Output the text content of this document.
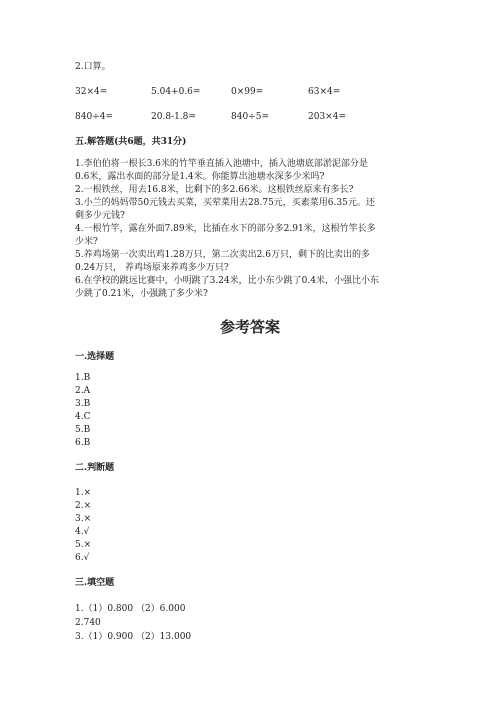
2.口算。
32×4=	5.04+0.6=	0×99=	63×4=
840÷4=	20.8-1.8=	840÷5=	203×4=
五.解答题(共6题，共31分)
1.李伯伯将一根长3.6米的竹竿垂直插入池塘中，插入池塘底部淤泥部分是
0.6米，露出水面的部分是1.4米。你能算出池塘水深多少米吗?
2.一根铁丝，用去16.8米，比剩下的多2.66米。这根铁丝原来有多长?
3.小兰的妈妈带50元钱去买菜，买荤菜用去28.75元，买素菜用6.35元。还
剩多少元钱?
4.一根竹竿，露在外面7.89米，比插在水下的部分多2.91米，这根竹竿长多
少米?
5.养鸡场第一次卖出鸡1.28万只，第二次卖出2.6万只，剩下的比卖出的多
0.24万只， 养鸡场原来养鸡多少万只?
6.在学校的跳远比赛中，小明跳了3.24米，比小东少跳了0.4米，小强比小东
少跳了0.21米，小强跳了多少米?
参考答案
一.选择题
1.B
2.A
3.B
4.C
5.B
6.B
二.判断题
1.×
2.×
3.×
4.√
5.×
6.√
三.填空题
1.（1）0.800 （2）6.000
2.740
3.（1）0.900 （2）13.000
